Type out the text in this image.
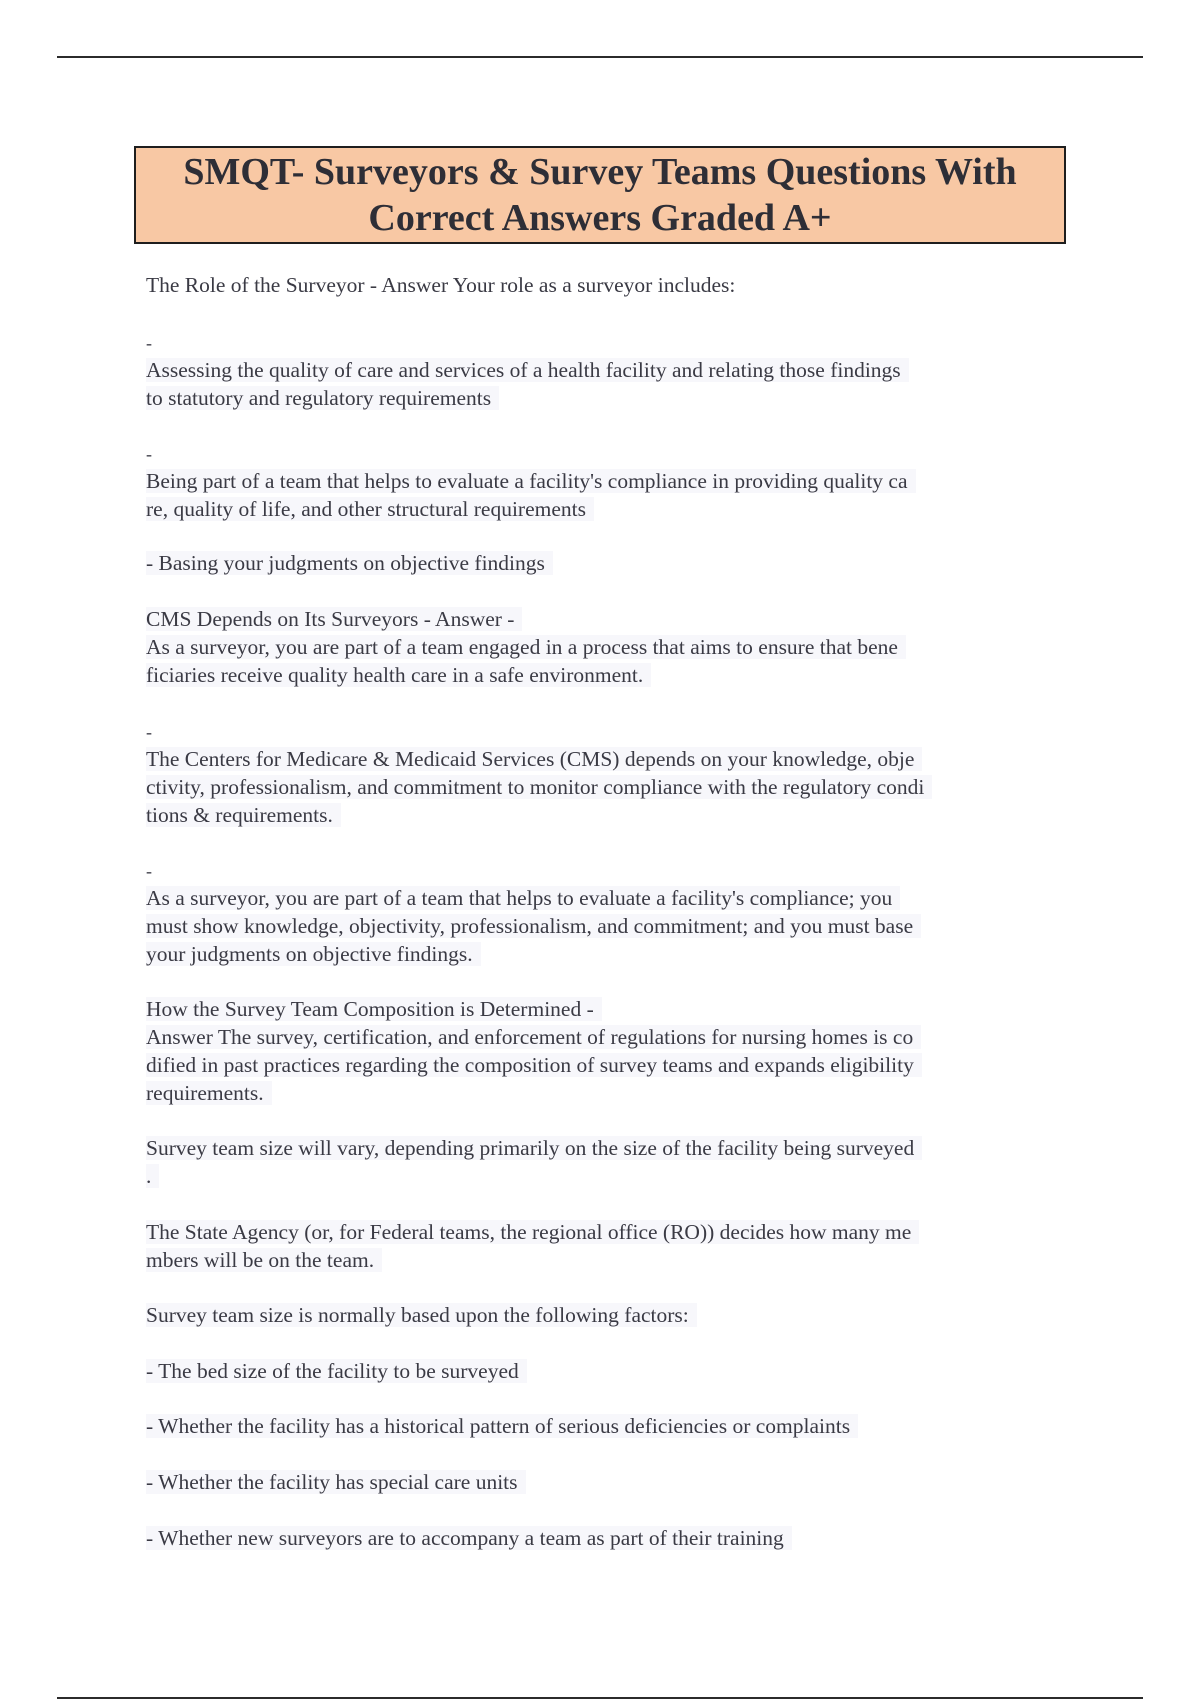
SMQT- Surveyors & Survey Teams Questions With
Correct Answers Graded A+
The Role of the Surveyor - Answer Your role as a surveyor includes:
-
Assessing the quality of care and services of a health facility and relating those findings
to statutory and regulatory requirements
-
Being part of a team that helps to evaluate a facility's compliance in providing quality ca
re, quality of life, and other structural requirements
- Basing your judgments on objective findings
CMS Depends on Its Surveyors - Answer -
As a surveyor, you are part of a team engaged in a process that aims to ensure that bene
ficiaries receive quality health care in a safe environment.
-
The Centers for Medicare & Medicaid Services (CMS) depends on your knowledge, obje
ctivity, professionalism, and commitment to monitor compliance with the regulatory condi
tions & requirements.
-
As a surveyor, you are part of a team that helps to evaluate a facility's compliance; you
must show knowledge, objectivity, professionalism, and commitment; and you must base
your judgments on objective findings.
How the Survey Team Composition is Determined -
Answer The survey, certification, and enforcement of regulations for nursing homes is co
dified in past practices regarding the composition of survey teams and expands eligibility
requirements.
Survey team size will vary, depending primarily on the size of the facility being surveyed
.
The State Agency (or, for Federal teams, the regional office (RO)) decides how many me
mbers will be on the team.
Survey team size is normally based upon the following factors:
- The bed size of the facility to be surveyed
- Whether the facility has a historical pattern of serious deficiencies or complaints
- Whether the facility has special care units
- Whether new surveyors are to accompany a team as part of their training
